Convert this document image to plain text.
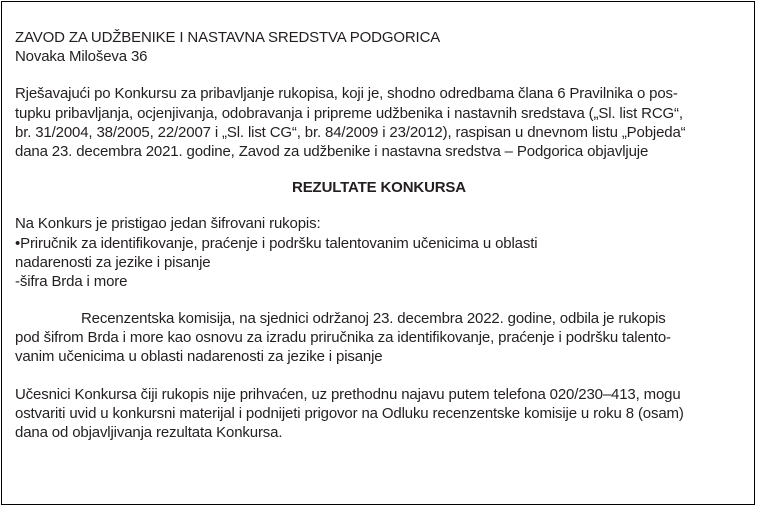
ZAVOD ZA UDŽBENIKE I NASTAVNA SREDSTVA PODGORICA
Novaka Miloševa 36
Rješavajući po Konkursu za pribavljanje rukopisa, koji je, shodno odredbama člana 6 Pravilnika o pos-
tupku pribavljanja, ocjenjivanja, odobravanja i pripreme udžbenika i nastavnih sredstava („Sl. list RCG“,
br. 31/2004, 38/2005, 22/2007 i „Sl. list CG“, br. 84/2009 i 23/2012), raspisan u dnevnom listu „Pobjeda“
dana 23. decembra 2021. godine, Zavod za udžbenike i nastavna sredstva – Podgorica objavljuje
REZULTATE KONKURSA
Na Konkurs je pristigao jedan šifrovani rukopis:
•Priručnik za identifikovanje, praćenje i podršku talentovanim učenicima u oblasti
nadarenosti za jezike i pisanje
-šifra Brda i more
Recenzentska komisija, na sjednici održanoj 23. decembra 2022. godine, odbila je rukopis
pod šifrom Brda i more kao osnovu za izradu priručnika za identifikovanje, praćenje i podršku talento-
vanim učenicima u oblasti nadarenosti za jezike i pisanje
Učesnici Konkursa čiji rukopis nije prihvaćen, uz prethodnu najavu putem telefona 020/230–413, mogu
ostvariti uvid u konkursni materijal i podnijeti prigovor na Odluku recenzentske komisije u roku 8 (osam)
dana od objavljivanja rezultata Konkursa.
